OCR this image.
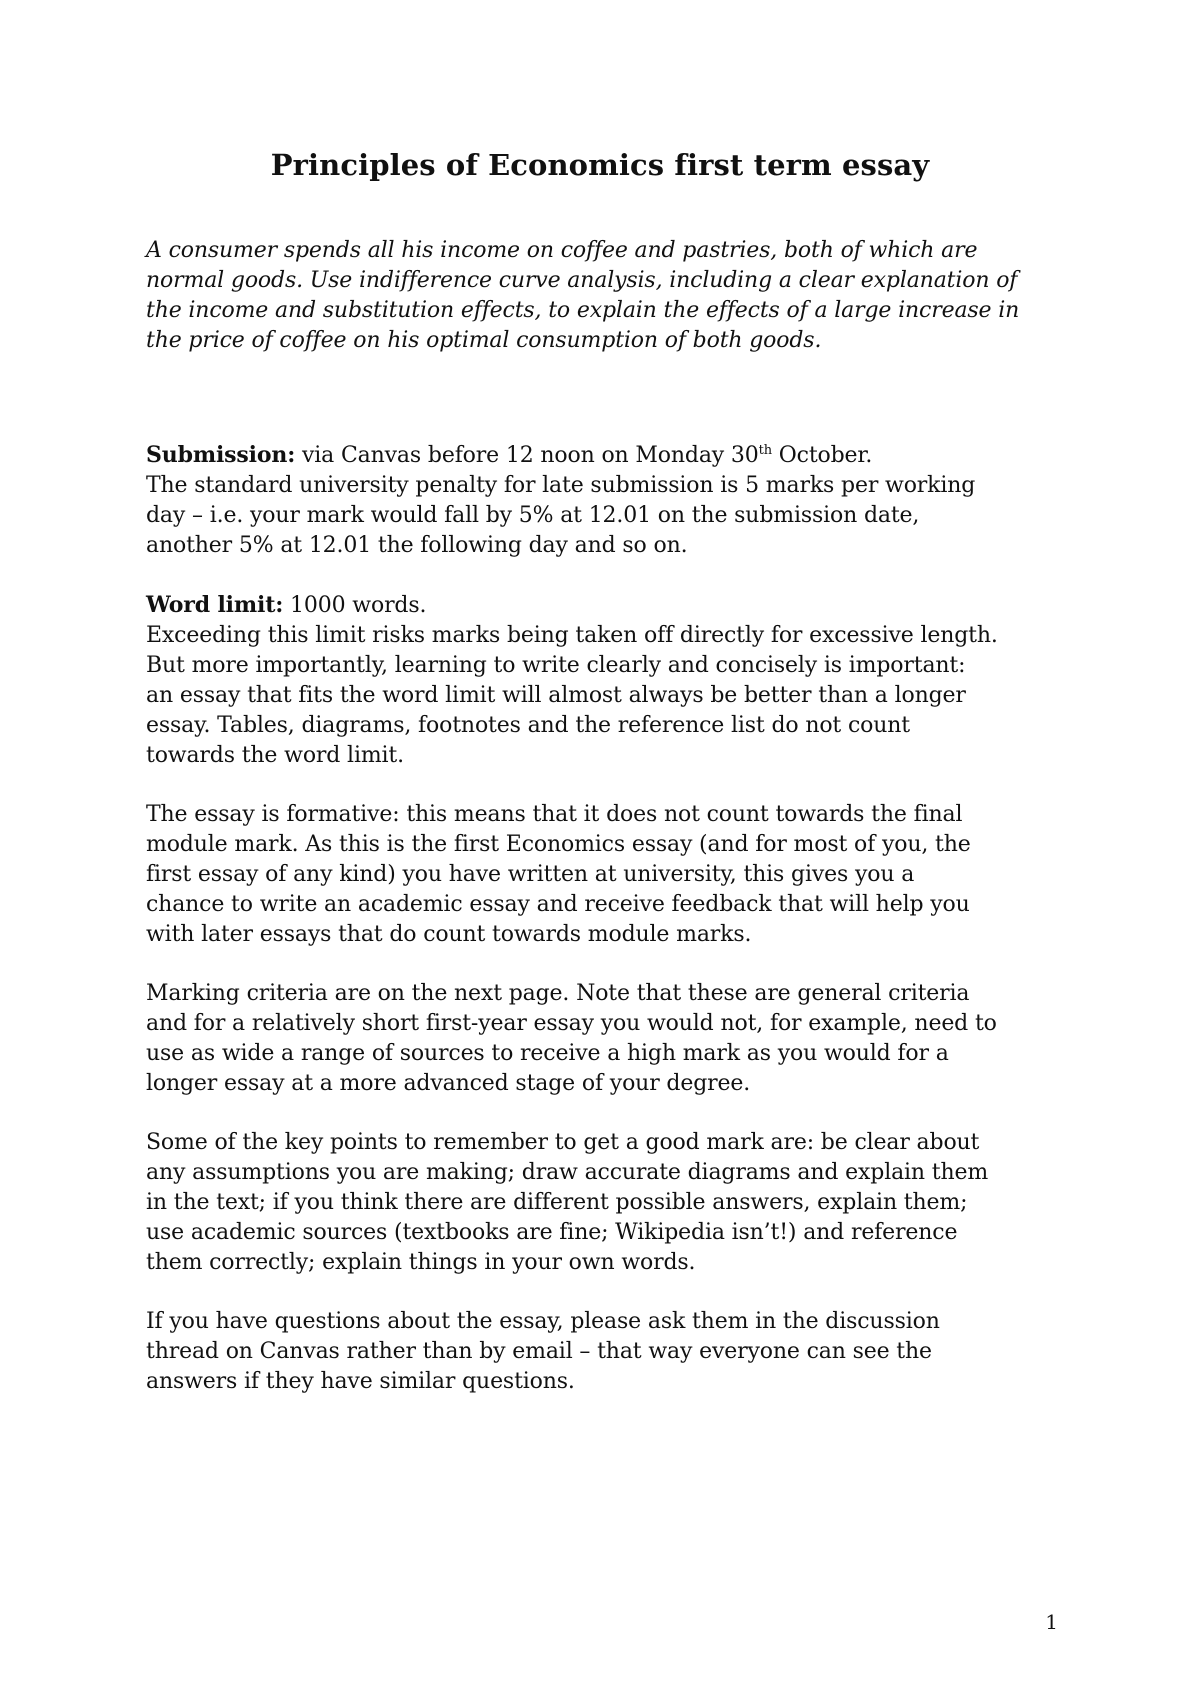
Principles of Economics first term essay

A consumer spends all his income on coffee and pastries, both of which are
normal goods. Use indifference curve analysis, including a clear explanation of
the income and substitution effects, to explain the effects of a large increase in
the price of coffee on his optimal consumption of both goods.

Submission: via Canvas before 12 noon on Monday 30th October.
The standard university penalty for late submission is 5 marks per working
day – i.e. your mark would fall by 5% at 12.01 on the submission date,
another 5% at 12.01 the following day and so on.

Word limit: 1000 words.
Exceeding this limit risks marks being taken off directly for excessive length.
But more importantly, learning to write clearly and concisely is important:
an essay that fits the word limit will almost always be better than a longer
essay. Tables, diagrams, footnotes and the reference list do not count
towards the word limit.

The essay is formative: this means that it does not count towards the final
module mark. As this is the first Economics essay (and for most of you, the
first essay of any kind) you have written at university, this gives you a
chance to write an academic essay and receive feedback that will help you
with later essays that do count towards module marks.

Marking criteria are on the next page. Note that these are general criteria
and for a relatively short first-year essay you would not, for example, need to
use as wide a range of sources to receive a high mark as you would for a
longer essay at a more advanced stage of your degree.

Some of the key points to remember to get a good mark are: be clear about
any assumptions you are making; draw accurate diagrams and explain them
in the text; if you think there are different possible answers, explain them;
use academic sources (textbooks are fine; Wikipedia isn’t!) and reference
them correctly; explain things in your own words.

If you have questions about the essay, please ask them in the discussion
thread on Canvas rather than by email – that way everyone can see the
answers if they have similar questions.

1
